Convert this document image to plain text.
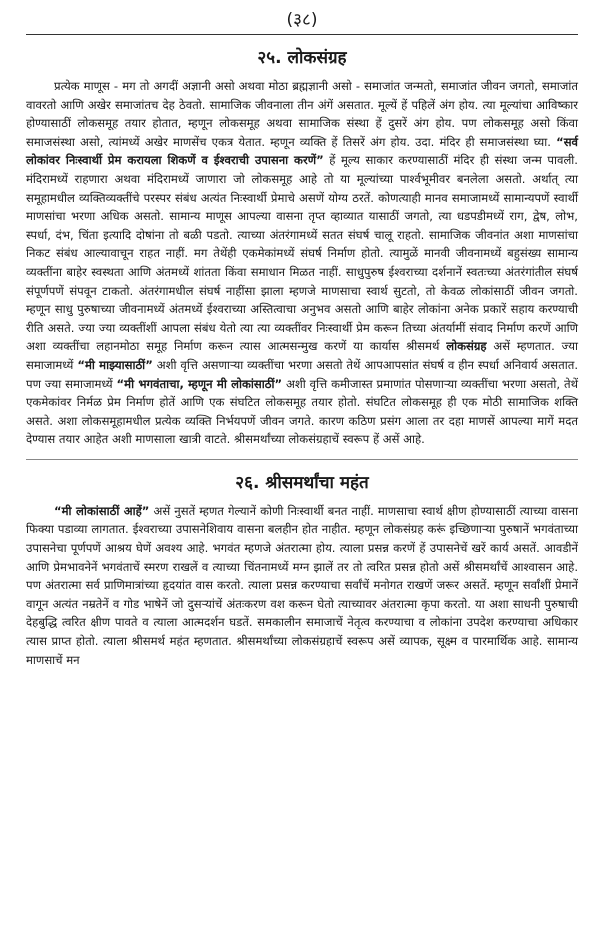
(३८)
२५. लोकसंग्रह

प्रत्येक माणूस - मग तो अगदीं अज्ञानी असो अथवा मोठा ब्रह्मज्ञानी असो - समाजांत जन्मतो, समाजांत जीवन जगतो, समाजांत वावरतो आणि अखेर समाजांतच देह ठेवतो. सामाजिक जीवनाला तीन अंगें असतात. मूल्यें हें पहिलें अंग होय. त्या मूल्यांचा आविष्कार होण्यासाठीं लोकसमूह तयार होतात, म्हणून लोकसमूह अथवा सामाजिक संस्था हें दुसरें अंग होय. पण लोकसमूह असो किंवा समाजसंस्था असो, त्यांमध्यें अखेर माणसेंच एकत्र येतात. म्हणून व्यक्ति हें तिसरें अंग होय. उदा. मंदिर ही समाजसंस्था घ्या. “सर्व लोकांवर निःस्वार्थी प्रेम करायला शिकणें व ईश्वराची उपासना करणें” हें मूल्य साकार करण्यासाठीं मंदिर ही संस्था जन्म पावली. मंदिरामध्यें राहणारा अथवा मंदिरामध्यें जाणारा जो लोकसमूह आहे तो या मूल्यांच्या पार्श्वभूमीवर बनलेला असतो. अर्थात् त्या समूहामधील व्यक्तिव्यक्तींचे परस्पर संबंध अत्यंत निःस्वार्थी प्रेमाचे असणें योग्य ठरतें. कोणत्याही मानव समाजामध्यें सामान्यपणें स्वार्थी माणसांचा भरणा अधिक असतो. सामान्य माणूस आपल्या वासना तृप्त व्हाव्यात यासाठीं जगतो, त्या धडपडीमध्यें राग, द्वेष, लोभ, स्पर्धा, दंभ, चिंता इत्यादि दोषांना तो बळी पडतो. त्याच्या अंतरंगामध्यें सतत संघर्ष चालू राहतो. सामाजिक जीवनांत अशा माणसांचा निकट संबंध आल्यावाचून राहत नाहीं. मग तेथेंही एकमेकांमध्यें संघर्ष निर्माण होतो. त्यामुळें मानवी जीवनामध्यें बहुसंख्य सामान्य व्यक्तींना बाहेर स्वस्थता आणि अंतमध्यें शांतता किंवा समाधान मिळत नाहीं. साधुपुरुष ईश्वराच्या दर्शनानें स्वतःच्या अंतरंगांतील संघर्ष संपूर्णपणें संपवून टाकतो. अंतरंगामधील संघर्ष नाहींसा झाला म्हणजे माणसाचा स्वार्थ सुटतो, तो केवळ लोकांसाठीं जीवन जगतो. म्हणून साधु पुरुषाच्या जीवनामध्यें अंतमध्यें ईश्वराच्या अस्तित्वाचा अनुभव असतो आणि बाहेर लोकांना अनेक प्रकारें सहाय करण्याची रीति असते. ज्या ज्या व्यक्तींशीं आपला संबंध येतो त्या त्या व्यक्तींवर निःस्वार्थी प्रेम करून तिच्या अंतर्यामीं संवाद निर्माण करणें आणि अशा व्यक्तींचा लहानमोठा समूह निर्माण करून त्यास आत्मसन्मुख करणें या कार्यास श्रीसमर्थ लोकसंग्रह असें म्हणतात. ज्या समाजामध्यें “मी माझ्यासाठीं” अशी वृत्ति असणाऱ्या व्यक्तींचा भरणा असतो तेथें आपआपसांत संघर्ष व हीन स्पर्धा अनिवार्य असतात. पण ज्या समाजामध्यें “मी भगवंताचा, म्हणून मी लोकांसाठीं” अशी वृत्ति कमीजास्त प्रमाणांत पोसणाऱ्या व्यक्तींचा भरणा असतो, तेथें एकमेकांवर निर्मळ प्रेम निर्माण होतें आणि एक संघटित लोकसमूह तयार होतो. संघटित लोकसमूह ही एक मोठी सामाजिक शक्ति असते. अशा लोकसमूहामधील प्रत्येक व्यक्ति निर्भयपणें जीवन जगते. कारण कठिण प्रसंग आला तर दहा माणसें आपल्या मागें मदत देण्यास तयार आहेत अशी माणसाला खात्री वाटते. श्रीसमर्थांच्या लोकसंग्रहाचें स्वरूप हें असें आहे.

२६. श्रीसमर्थांचा महंत

“मी लोकांसाठीं आहें” असें नुसतें म्हणत गेल्यानें कोणी निःस्वार्थी बनत नाहीं. माणसाचा स्वार्थ क्षीण होण्यासाठीं त्याच्या वासना फिक्या पडाव्या लागतात. ईश्वराच्या उपासनेशिवाय वासना बलहीन होत नाहीत. म्हणून लोकसंग्रह करूं इच्छिणाऱ्या पुरुषानें भगवंताच्या उपासनेचा पूर्णपणें आश्रय घेणें अवश्य आहे. भगवंत म्हणजे अंतरात्मा होय. त्याला प्रसन्न करणें हें उपासनेचें खरें कार्य असतें. आवडीनें आणि प्रेमभावनेनें भगवंताचें स्मरण राखलें व त्याच्या चिंतनामध्यें मग्न झालें तर तो त्वरित प्रसन्न होतो असें श्रीसमर्थांचें आश्वासन आहे. पण अंतरात्मा सर्व प्राणिमात्रांच्या हृदयांत वास करतो. त्याला प्रसन्न करण्याचा सर्वांचें मनोगत राखणें जरूर असतें. म्हणून सर्वांशीं प्रेमानें वागून अत्यंत नम्रतेनें व गोड भाषेनें जो दुसऱ्यांचें अंतःकरण वश करून घेतो त्याच्यावर अंतरात्मा कृपा करतो. या अशा साधनी पुरुषाची देहबुद्धि त्वरित क्षीण पावते व त्याला आत्मदर्शन घडतें. समकालीन समाजाचें नेतृत्व करण्याचा व लोकांना उपदेश करण्याचा अधिकार त्यास प्राप्त होतो. त्याला श्रीसमर्थ महंत म्हणतात. श्रीसमर्थांच्या लोकसंग्रहाचें स्वरूप असें व्यापक, सूक्ष्म व पारमार्थिक आहे. सामान्य माणसाचें मन
